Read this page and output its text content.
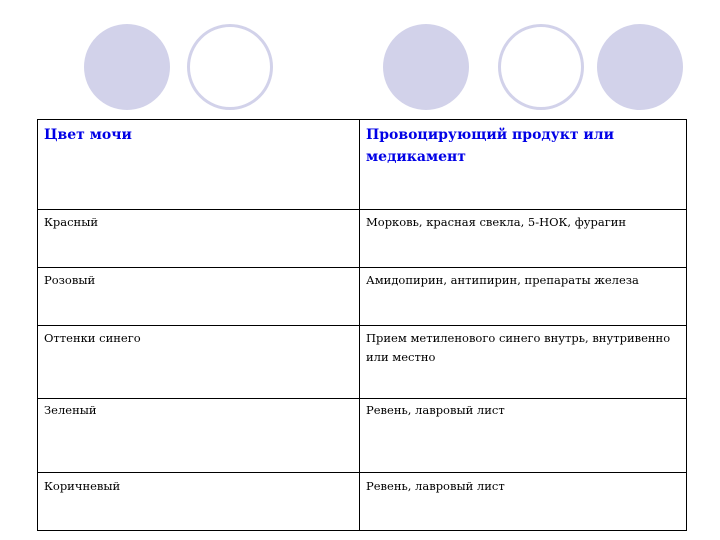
Цвет мочи	Провоцирующий продукт или медикамент
Красный	Морковь, красная свекла, 5-НОК, фурагин
Розовый	Амидопирин, антипирин, препараты железа
Оттенки синего	Прием метиленового синего внутрь, внутривенно или местно
Зеленый	Ревень, лавровый лист
Коричневый	Ревень, лавровый лист
